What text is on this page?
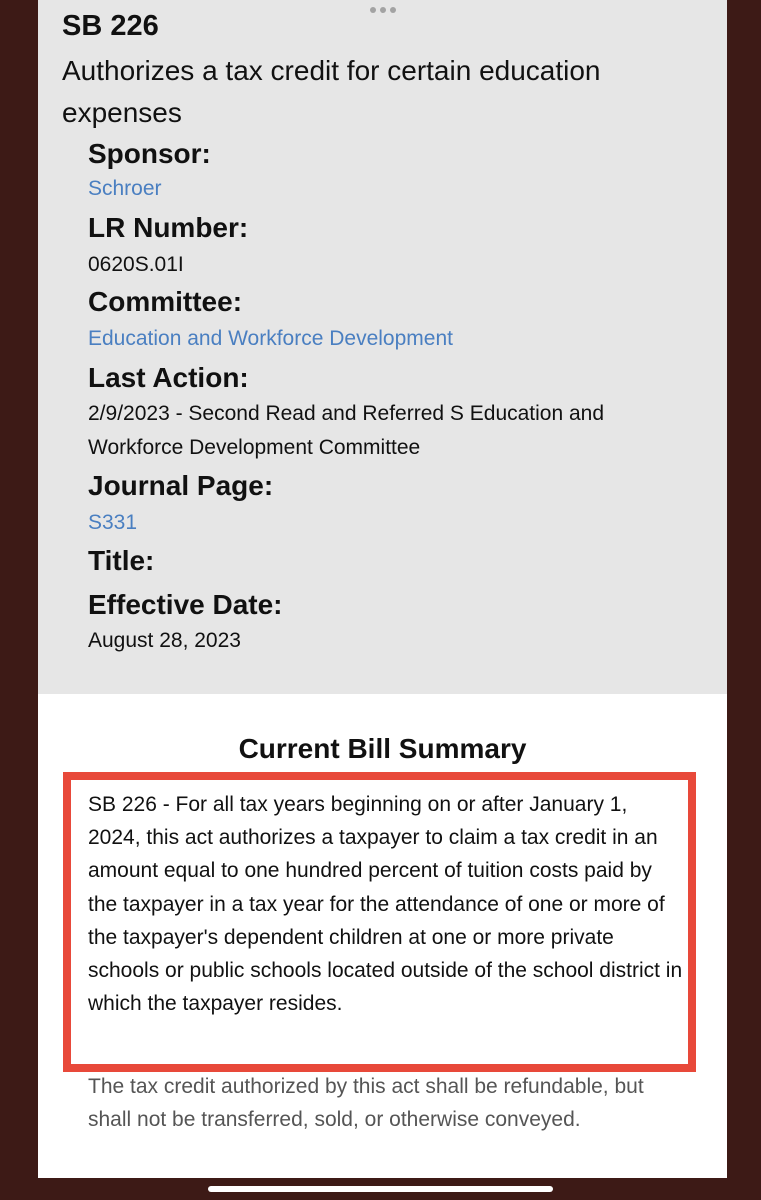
SB 226
Authorizes a tax credit for certain education expenses
Sponsor:
Schroer
LR Number:
0620S.01I
Committee:
Education and Workforce Development
Last Action:
2/9/2023 - Second Read and Referred S Education and Workforce Development Committee
Journal Page:
S331
Title:
Effective Date:
August 28, 2023
Current Bill Summary
SB 226 - For all tax years beginning on or after January 1, 2024, this act authorizes a taxpayer to claim a tax credit in an amount equal to one hundred percent of tuition costs paid by the taxpayer in a tax year for the attendance of one or more of the taxpayer's dependent children at one or more private schools or public schools located outside of the school district in which the taxpayer resides.
The tax credit authorized by this act shall be refundable, but shall not be transferred, sold, or otherwise conveyed.
